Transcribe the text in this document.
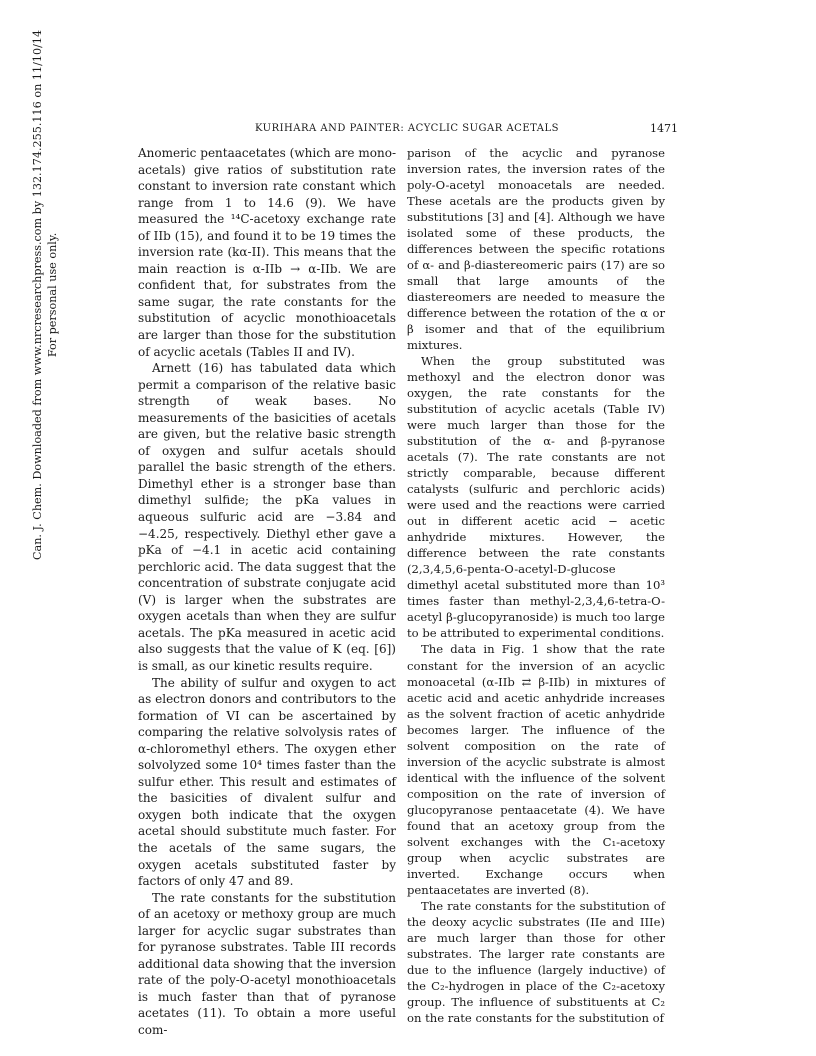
KURIHARA AND PAINTER: ACYCLIC SUGAR ACETALS	1471
Can. J. Chem. Downloaded from www.nrcresearchpress.com by 132.174.255.116 on 11/10/14 For personal use only.

Anomeric pentaacetates (which are mono-acetals) give ratios of substitution rate constant to inversion rate constant which range from 1 to 14.6 (9). We have measured the ¹⁴C-acetoxy exchange rate of IIb (15), and found it to be 19 times the inversion rate (kα-II). This means that the main reaction is α-IIb → α-IIb. We are confident that, for substrates from the same sugar, the rate constants for the substitution of acyclic monothioacetals are larger than those for the substitution of acyclic acetals (Tables II and IV).

Arnett (16) has tabulated data which permit a comparison of the relative basic strength of weak bases. No measurements of the basicities of acetals are given, but the relative basic strength of oxygen and sulfur acetals should parallel the basic strength of the ethers. Dimethyl ether is a stronger base than dimethyl sulfide; the pKa values in aqueous sulfuric acid are −3.84 and −4.25, respectively. Diethyl ether gave a pKa of −4.1 in acetic acid containing perchloric acid. The data suggest that the concentration of substrate conjugate acid (V) is larger when the substrates are oxygen acetals than when they are sulfur acetals. The pKa measured in acetic acid also suggests that the value of K (eq. [6]) is small, as our kinetic results require.

The ability of sulfur and oxygen to act as electron donors and contributors to the formation of VI can be ascertained by comparing the relative solvolysis rates of α-chloromethyl ethers. The oxygen ether solvolyzed some 10⁴ times faster than the sulfur ether. This result and estimates of the basicities of divalent sulfur and oxygen both indicate that the oxygen acetal should substitute much faster. For the acetals of the same sugars, the oxygen acetals substituted faster by factors of only 47 and 89.

The rate constants for the substitution of an acetoxy or methoxy group are much larger for acyclic sugar substrates than for pyranose substrates. Table III records additional data showing that the inversion rate of the poly-O-acetyl monothioacetals is much faster than that of pyranose acetates (11). To obtain a more useful com-

parison of the acyclic and pyranose inversion rates, the inversion rates of the poly-O-acetyl monoacetals are needed. These acetals are the products given by substitutions [3] and [4]. Although we have isolated some of these products, the differences between the specific rotations of α- and β-diastereomeric pairs (17) are so small that large amounts of the diastereomers are needed to measure the difference between the rotation of the α or β isomer and that of the equilibrium mixtures.

When the group substituted was methoxyl and the electron donor was oxygen, the rate constants for the substitution of acyclic acetals (Table IV) were much larger than those for the substitution of the α- and β-pyranose acetals (7). The rate constants are not strictly comparable, because different catalysts (sulfuric and perchloric acids) were used and the reactions were carried out in different acetic acid − acetic anhydride mixtures. However, the difference between the rate constants (2,3,4,5,6-penta-O-acetyl-D-glucose dimethyl acetal substituted more than 10³ times faster than methyl-2,3,4,6-tetra-O-acetyl β-glucopyranoside) is much too large to be attributed to experimental conditions.

The data in Fig. 1 show that the rate constant for the inversion of an acyclic monoacetal (α-IIb ⇄ β-IIb) in mixtures of acetic acid and acetic anhydride increases as the solvent fraction of acetic anhydride becomes larger. The influence of the solvent composition on the rate of inversion of the acyclic substrate is almost identical with the influence of the solvent composition on the rate of inversion of glucopyranose pentaacetate (4). We have found that an acetoxy group from the solvent exchanges with the C₁-acetoxy group when acyclic substrates are inverted. Exchange occurs when pentaacetates are inverted (8).

The rate constants for the substitution of the deoxy acyclic substrates (IIe and IIIe) are much larger than those for other substrates. The larger rate constants are due to the influence (largely inductive) of the C₂-hydrogen in place of the C₂-acetoxy group. The influence of substituents at C₂ on the rate constants for the substitution of
